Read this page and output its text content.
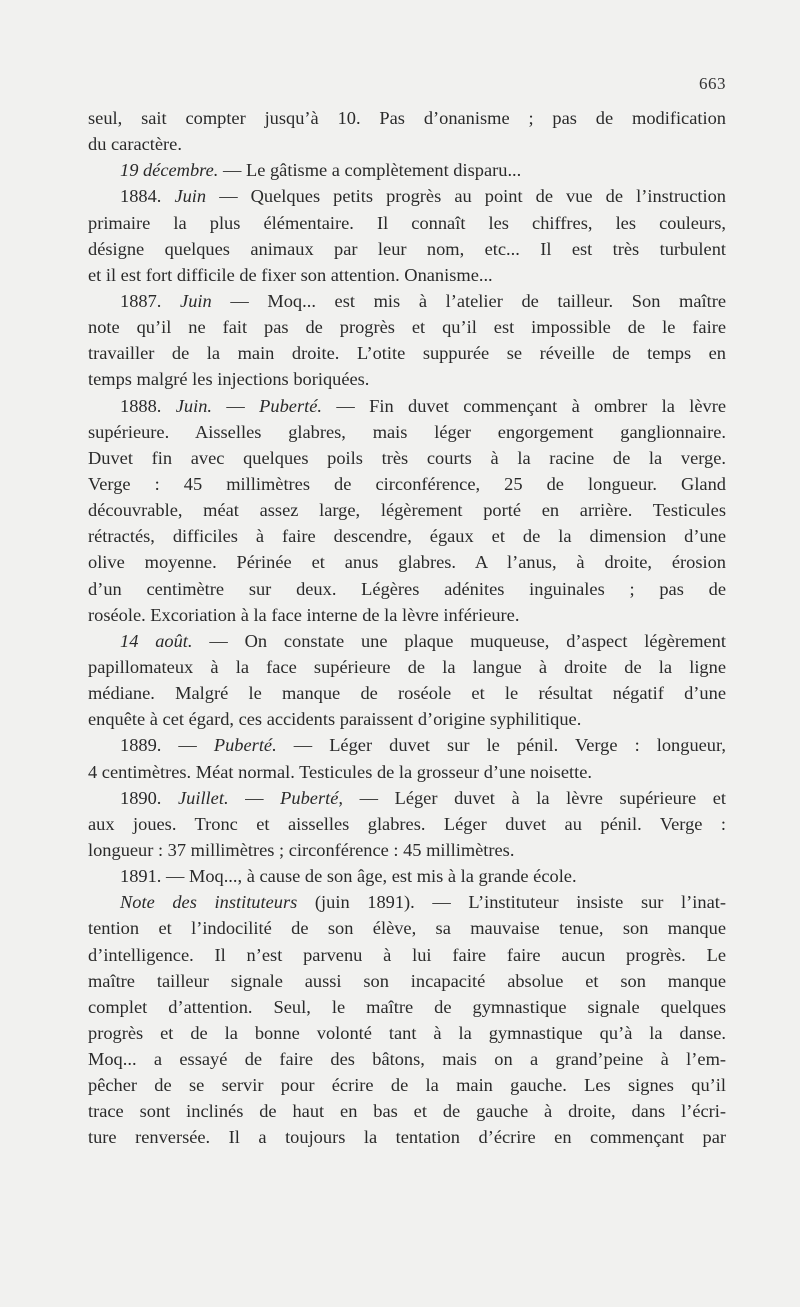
663
seul, sait compter jusqu’à 10. Pas d’onanisme ; pas de modification
du caractère.
19 décembre. — Le gâtisme a complètement disparu...
1884. Juin — Quelques petits progrès au point de vue de l’instruction
primaire la plus élémentaire. Il connaît les chiffres, les couleurs,
désigne quelques animaux par leur nom, etc... Il est très turbulent
et il est fort difficile de fixer son attention. Onanisme...
1887. Juin — Moq... est mis à l’atelier de tailleur. Son maître
note qu’il ne fait pas de progrès et qu’il est impossible de le faire
travailler de la main droite. L’otite suppurée se réveille de temps en
temps malgré les injections boriquées.
1888. Juin. — Puberté. — Fin duvet commençant à ombrer la lèvre
supérieure. Aisselles glabres, mais léger engorgement ganglionnaire.
Duvet fin avec quelques poils très courts à la racine de la verge.
Verge : 45 millimètres de circonférence, 25 de longueur. Gland
découvrable, méat assez large, légèrement porté en arrière. Testicules
rétractés, difficiles à faire descendre, égaux et de la dimension d’une
olive moyenne. Périnée et anus glabres. A l’anus, à droite, érosion
d’un centimètre sur deux. Légères adénites inguinales ; pas de
roséole. Excoriation à la face interne de la lèvre inférieure.
14 août. — On constate une plaque muqueuse, d’aspect légèrement
papillomateux à la face supérieure de la langue à droite de la ligne
médiane. Malgré le manque de roséole et le résultat négatif d’une
enquête à cet égard, ces accidents paraissent d’origine syphilitique.
1889. — Puberté. — Léger duvet sur le pénil. Verge : longueur,
4 centimètres. Méat normal. Testicules de la grosseur d’une noisette.
1890. Juillet. — Puberté, — Léger duvet à la lèvre supérieure et
aux joues. Tronc et aisselles glabres. Léger duvet au pénil. Verge :
longueur : 37 millimètres ; circonférence : 45 millimètres.
1891. — Moq..., à cause de son âge, est mis à la grande école.
Note des instituteurs (juin 1891). — L’instituteur insiste sur l’inat-
tention et l’indocilité de son élève, sa mauvaise tenue, son manque
d’intelligence. Il n’est parvenu à lui faire faire aucun progrès. Le
maître tailleur signale aussi son incapacité absolue et son manque
complet d’attention. Seul, le maître de gymnastique signale quelques
progrès et de la bonne volonté tant à la gymnastique qu’à la danse.
Moq... a essayé de faire des bâtons, mais on a grand’peine à l’em-
pêcher de se servir pour écrire de la main gauche. Les signes qu’il
trace sont inclinés de haut en bas et de gauche à droite, dans l’écri-
ture renversée. Il a toujours la tentation d’écrire en commençant par
